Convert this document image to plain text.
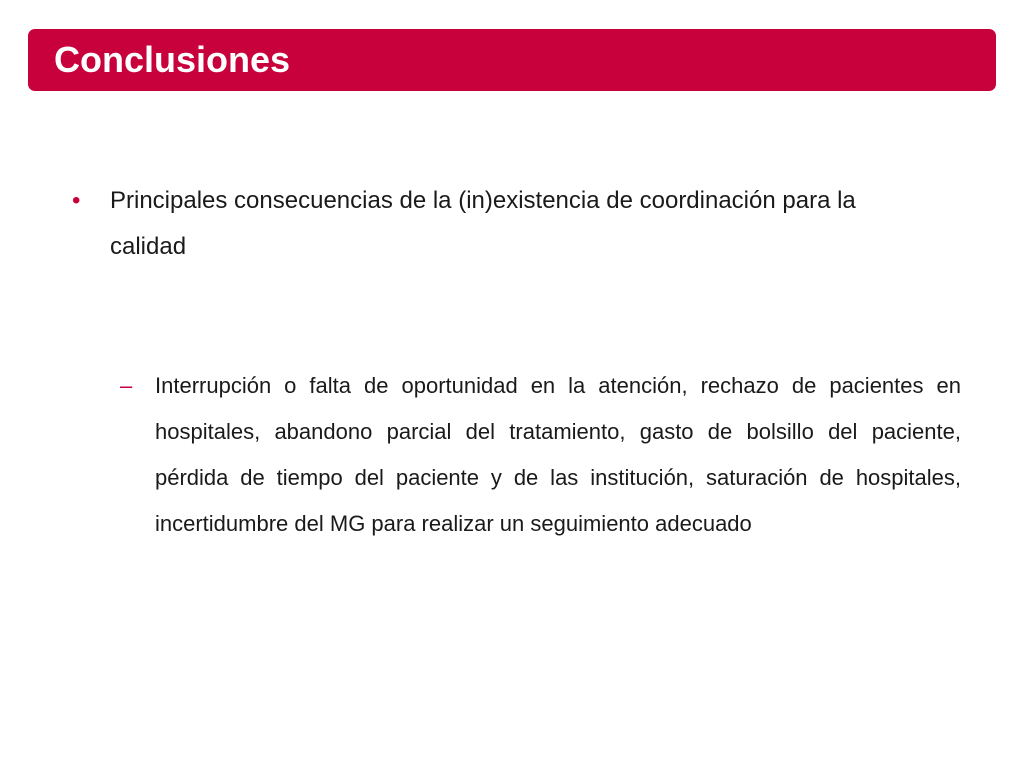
Conclusiones
• Principales consecuencias de la (in)existencia de coordinación para la calidad
– Interrupción o falta de oportunidad en la atención, rechazo de pacientes en hospitales, abandono parcial del tratamiento, gasto de bolsillo del paciente, pérdida de tiempo del paciente y de las institución, saturación de hospitales, incertidumbre del MG para realizar un seguimiento adecuado
